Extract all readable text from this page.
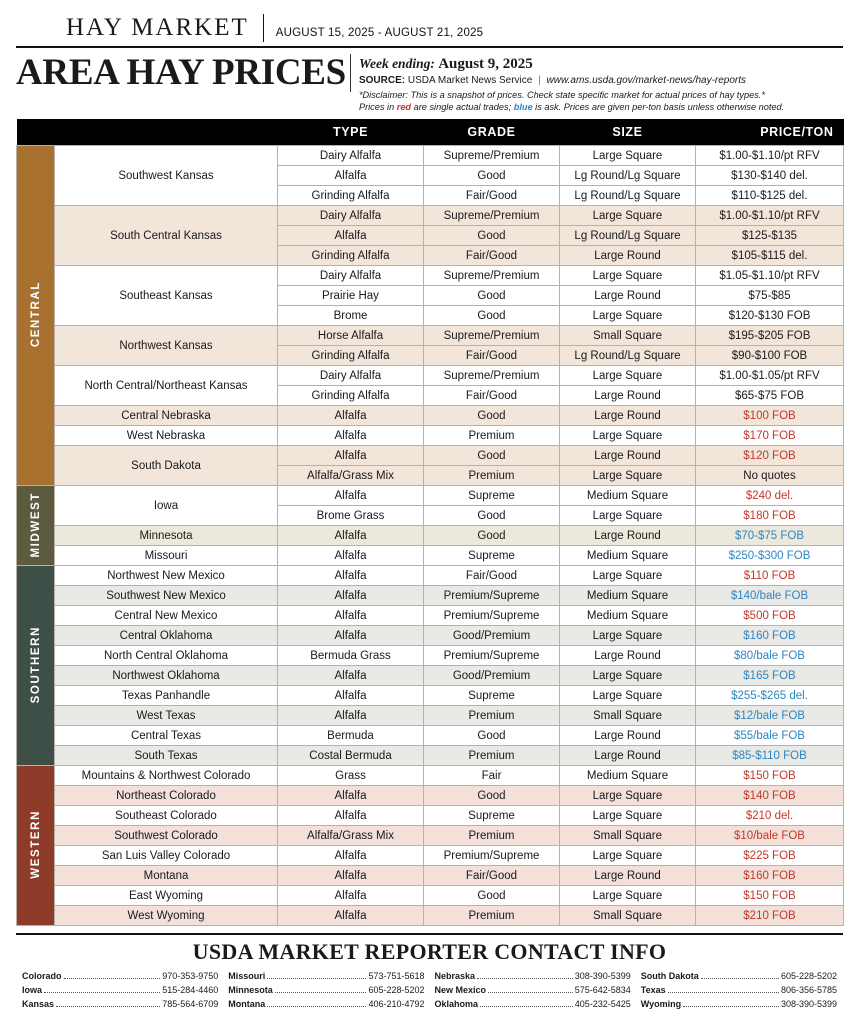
HAY MARKET	AUGUST 15, 2025 - AUGUST 21, 2025
AREA HAY PRICES Week ending: August 9, 2025
SOURCE: USDA Market News Service | www.ams.usda.gov/market-news/hay-reports
*Disclaimer: This is a snapshot of prices. Check state specific market for actual prices of hay types.*
Prices in red are single actual trades; blue is ask. Prices are given per-ton basis unless otherwise noted.
		TYPE	GRADE	SIZE	PRICE/TON
CENTRAL	Southwest Kansas	Dairy Alfalfa	Supreme/Premium	Large Square	$1.00-$1.10/pt RFV
		Alfalfa	Good	Lg Round/Lg Square	$130-$140 del.
		Grinding Alfalfa	Fair/Good	Lg Round/Lg Square	$110-$125 del.
	South Central Kansas	Dairy Alfalfa	Supreme/Premium	Large Square	$1.00-$1.10/pt RFV
		Alfalfa	Good	Lg Round/Lg Square	$125-$135
		Grinding Alfalfa	Fair/Good	Large Round	$105-$115 del.
	Southeast Kansas	Dairy Alfalfa	Supreme/Premium	Large Square	$1.05-$1.10/pt RFV
		Prairie Hay	Good	Large Round	$75-$85
		Brome	Good	Large Square	$120-$130 FOB
	Northwest Kansas	Horse Alfalfa	Supreme/Premium	Small Square	$195-$205 FOB
		Grinding Alfalfa	Fair/Good	Lg Round/Lg Square	$90-$100 FOB
	North Central/Northeast Kansas	Dairy Alfalfa	Supreme/Premium	Large Square	$1.00-$1.05/pt RFV
		Grinding Alfalfa	Fair/Good	Large Round	$65-$75 FOB
	Central Nebraska	Alfalfa	Good	Large Round	$100 FOB
	West Nebraska	Alfalfa	Premium	Large Square	$170 FOB
	South Dakota	Alfalfa	Good	Large Round	$120 FOB
		Alfalfa/Grass Mix	Premium	Large Square	No quotes
MIDWEST	Iowa	Alfalfa	Supreme	Medium Square	$240 del.
		Brome Grass	Good	Large Square	$180 FOB
	Minnesota	Alfalfa	Good	Large Round	$70-$75 FOB
	Missouri	Alfalfa	Supreme	Medium Square	$250-$300 FOB
SOUTHERN	Northwest New Mexico	Alfalfa	Fair/Good	Large Square	$110 FOB
	Southwest New Mexico	Alfalfa	Premium/Supreme	Medium Square	$140/bale FOB
	Central New Mexico	Alfalfa	Premium/Supreme	Medium Square	$500 FOB
	Central Oklahoma	Alfalfa	Good/Premium	Large Square	$160 FOB
	North Central Oklahoma	Bermuda Grass	Premium/Supreme	Large Round	$80/bale FOB
	Northwest Oklahoma	Alfalfa	Good/Premium	Large Square	$165 FOB
	Texas Panhandle	Alfalfa	Supreme	Large Square	$255-$265 del.
	West Texas	Alfalfa	Premium	Small Square	$12/bale FOB
	Central Texas	Bermuda	Good	Large Round	$55/bale FOB
	South Texas	Costal Bermuda	Premium	Large Round	$85-$110 FOB
WESTERN	Mountains & Northwest Colorado	Grass	Fair	Medium Square	$150 FOB
	Northeast Colorado	Alfalfa	Good	Large Square	$140 FOB
	Southeast Colorado	Alfalfa	Supreme	Large Square	$210 del.
	Southwest Colorado	Alfalfa/Grass Mix	Premium	Small Square	$10/bale FOB
	San Luis Valley Colorado	Alfalfa	Premium/Supreme	Large Square	$225 FOB
	Montana	Alfalfa	Fair/Good	Large Round	$160 FOB
	East Wyoming	Alfalfa	Good	Large Square	$150 FOB
	West Wyoming	Alfalfa	Premium	Small Square	$210 FOB
USDA MARKET REPORTER CONTACT INFO
Colorado	970-353-9750
Iowa	515-284-4460
Kansas	785-564-6709
Missouri	573-751-5618
Minnesota	605-228-5202
Montana	406-210-4792
Nebraska	308-390-5399
New Mexico	575-642-5834
Oklahoma	405-232-5425
South Dakota	605-228-5202
Texas	806-356-5785
Wyoming	308-390-5399
